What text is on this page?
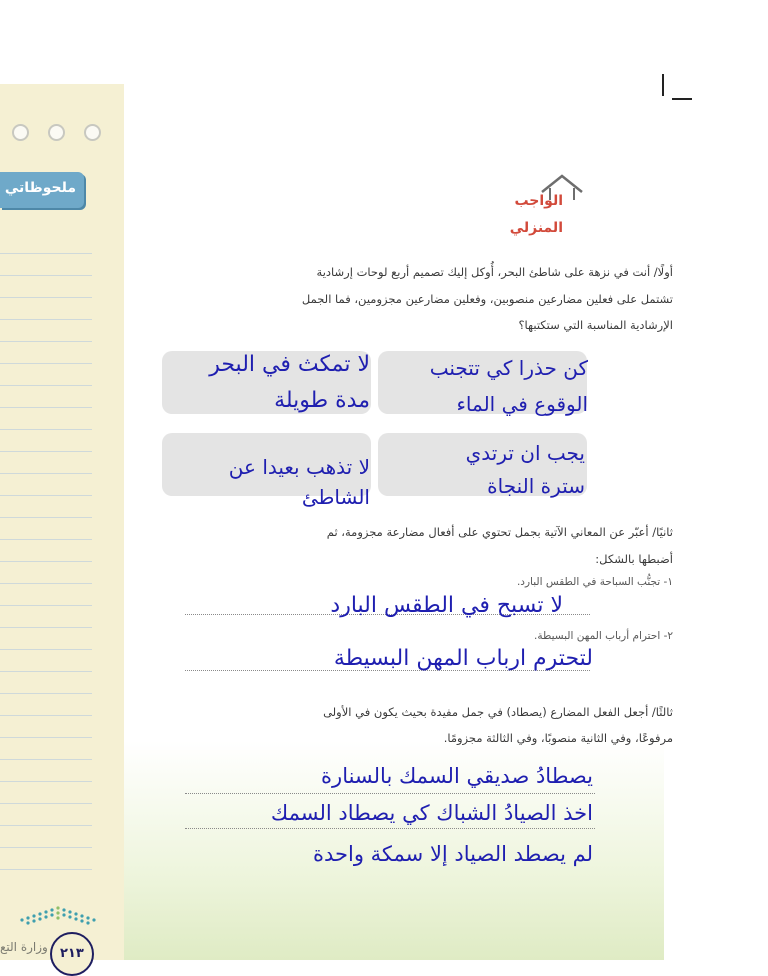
ملحوظاتي
وزارة التع ٢١٣
الواجب
المنزلي
أولًا/ أنت في نزهة على شاطئ البحر، أُوكل إليك تصميم أربع لوحات إرشادية
تشتمل على فعلين مضارعين منصوبين، وفعلين مضارعين مجزومين، فما الجمل
الإرشادية المناسبة التي ستكتبها؟
كن حذرا كي تتجنب
الوقوع في الماء
لا تمكث في البحر
مدة طويلة
يجب ان ترتدي
سترة النجاة
لا تذهب بعيدا عن
الشاطئ
ثانيًا/ أعبّر عن المعاني الآتية بجمل تحتوي على أفعال مضارعة مجزومة، ثم
أضبطها بالشكل:
١- تجنُّب السباحة في الطقس البارد.
لا تسبح في الطقس البارد
٢- احترام أرباب المهن البسيطة.
لتحترم ارباب المهن البسيطة
ثالثًا/ أجعل الفعل المضارع (يصطاد) في جمل مفيدة بحيث يكون في الأولى
مرفوعًا، وفي الثانية منصوبًا، وفي الثالثة مجزومًا.
يصطادُ صديقي السمك بالسنارة
اخذ الصيادُ الشباك كي يصطاد السمك
لم يصطد الصياد إلا سمكة واحدة
